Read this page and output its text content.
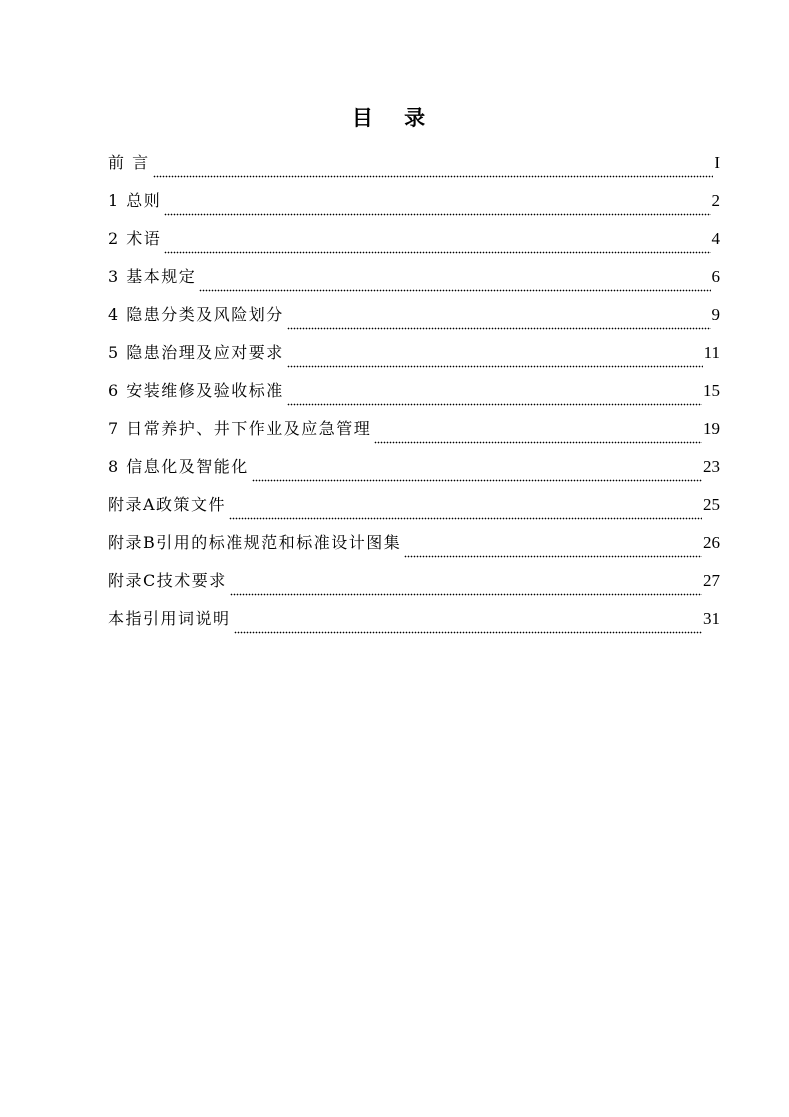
目 录
前 言	I
1 总则	2
2 术语	4
3 基本规定	6
4 隐患分类及风险划分	9
5 隐患治理及应对要求	11
6 安装维修及验收标准	15
7 日常养护、井下作业及应急管理	19
8 信息化及智能化	23
附录A政策文件	25
附录B引用的标准规范和标准设计图集	26
附录C技术要求	27
本指引用词说明	31
